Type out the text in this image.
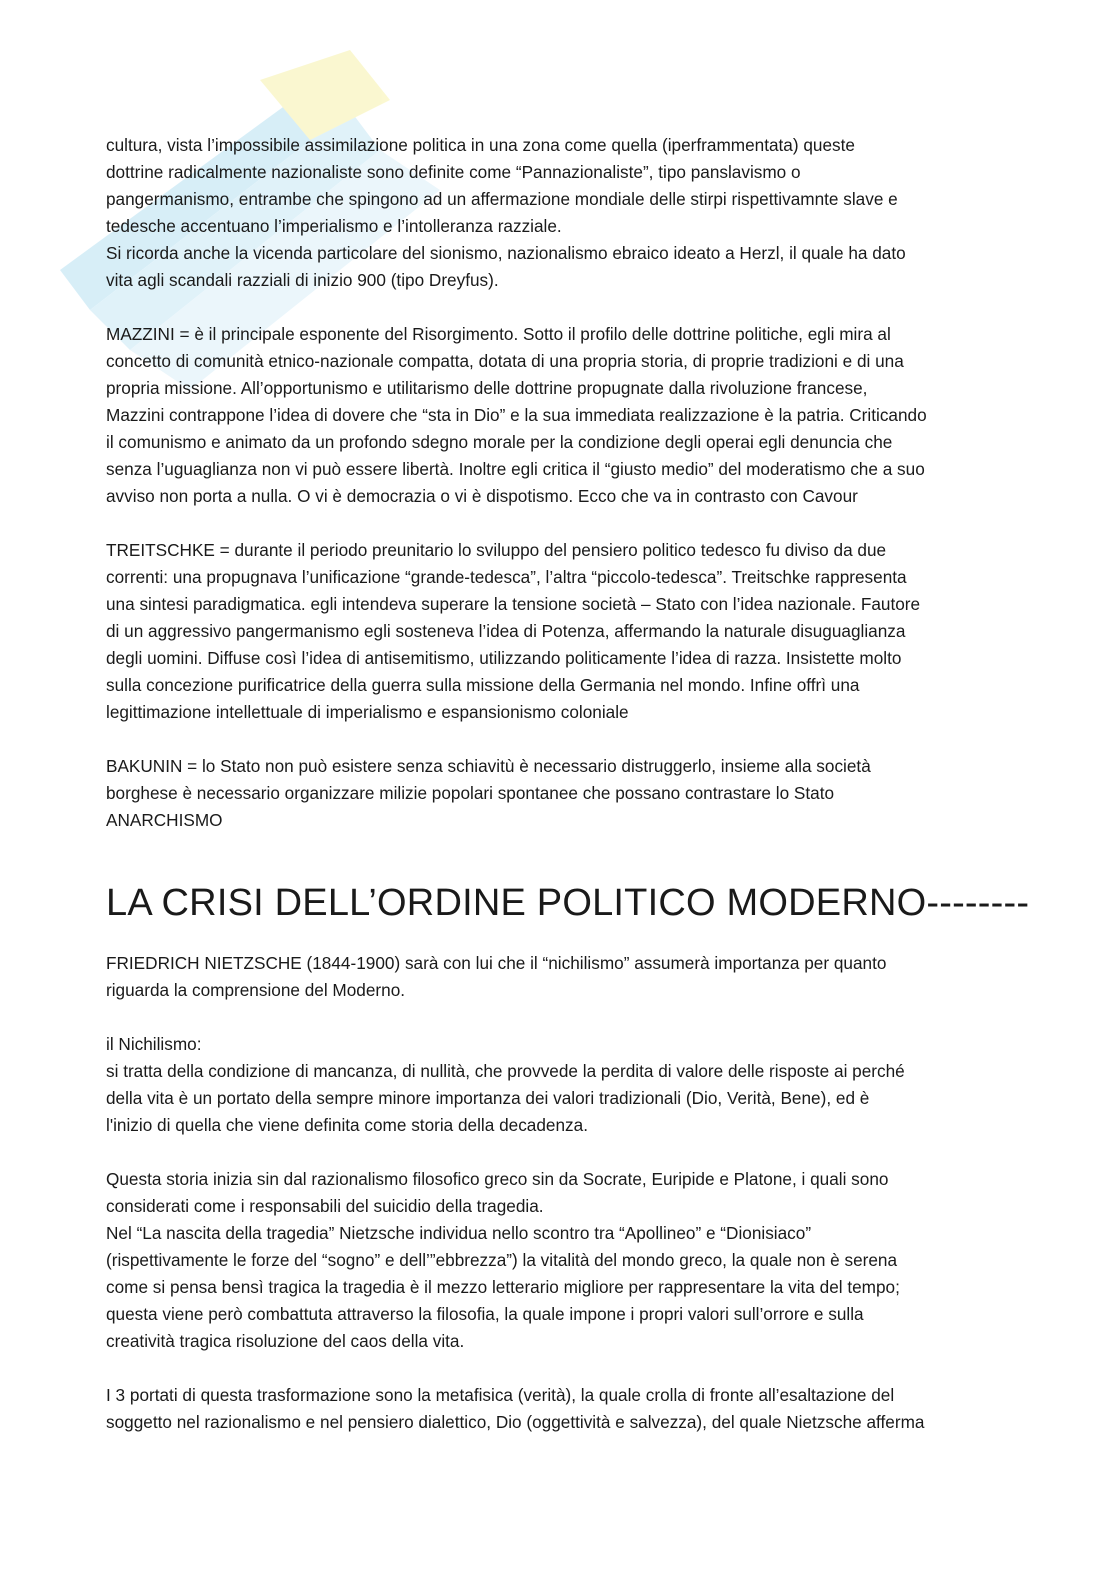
cultura, vista l’impossibile assimilazione politica in una zona come quella (iperframmentata) queste
dottrine radicalmente nazionaliste sono definite come “Pannazionaliste”, tipo panslavismo o
pangermanismo, entrambe che spingono ad un affermazione mondiale delle stirpi rispettivamnte slave e
tedesche accentuano l’imperialismo e l’intolleranza razziale.
Si ricorda anche la vicenda particolare del sionismo, nazionalismo ebraico ideato a Herzl, il quale ha dato
vita agli scandali razziali di inizio 900 (tipo Dreyfus).

MAZZINI = è il principale esponente del Risorgimento. Sotto il profilo delle dottrine politiche, egli mira al
concetto di comunità etnico-nazionale compatta, dotata di una propria storia, di proprie tradizioni e di una
propria missione. All’opportunismo e utilitarismo delle dottrine propugnate dalla rivoluzione francese,
Mazzini contrappone l’idea di dovere che “sta in Dio” e la sua immediata realizzazione è la patria. Criticando
il comunismo e animato da un profondo sdegno morale per la condizione degli operai egli denuncia che
senza l’uguaglianza non vi può essere libertà. Inoltre egli critica il “giusto medio” del moderatismo che a suo
avviso non porta a nulla. O vi è democrazia o vi è dispotismo. Ecco che va in contrasto con Cavour

TREITSCHKE = durante il periodo preunitario lo sviluppo del pensiero politico tedesco fu diviso da due
correnti: una propugnava l’unificazione “grande-tedesca”, l’altra “piccolo-tedesca”. Treitschke rappresenta
una sintesi paradigmatica. egli intendeva superare la tensione società – Stato con l’idea nazionale. Fautore
di un aggressivo pangermanismo egli sosteneva l’idea di Potenza, affermando la naturale disuguaglianza
degli uomini. Diffuse così l’idea di antisemitismo, utilizzando politicamente l’idea di razza. Insistette molto
sulla concezione purificatrice della guerra sulla missione della Germania nel mondo. Infine offrì una
legittimazione intellettuale di imperialismo e espansionismo coloniale

BAKUNIN = lo Stato non può esistere senza schiavitù è necessario distruggerlo, insieme alla società
borghese è necessario organizzare milizie popolari spontanee che possano contrastare lo Stato
ANARCHISMO

LA CRISI DELL’ORDINE POLITICO MODERNO--------

FRIEDRICH NIETZSCHE (1844-1900) sarà con lui che il “nichilismo” assumerà importanza per quanto
riguarda la comprensione del Moderno.

il Nichilismo:
si tratta della condizione di mancanza, di nullità, che provvede la perdita di valore delle risposte ai perché
della vita è un portato della sempre minore importanza dei valori tradizionali (Dio, Verità, Bene), ed è
l'inizio di quella che viene definita come storia della decadenza.

Questa storia inizia sin dal razionalismo filosofico greco sin da Socrate, Euripide e Platone, i quali sono
considerati come i responsabili del suicidio della tragedia.
Nel “La nascita della tragedia” Nietzsche individua nello scontro tra “Apollineo” e “Dionisiaco”
(rispettivamente le forze del “sogno” e dell’”ebbrezza”) la vitalità del mondo greco, la quale non è serena
come si pensa bensì tragica la tragedia è il mezzo letterario migliore per rappresentare la vita del tempo;
questa viene però combattuta attraverso la filosofia, la quale impone i propri valori sull’orrore e sulla
creatività tragica risoluzione del caos della vita.

I 3 portati di questa trasformazione sono la metafisica (verità), la quale crolla di fronte all’esaltazione del
soggetto nel razionalismo e nel pensiero dialettico, Dio (oggettività e salvezza), del quale Nietzsche afferma
